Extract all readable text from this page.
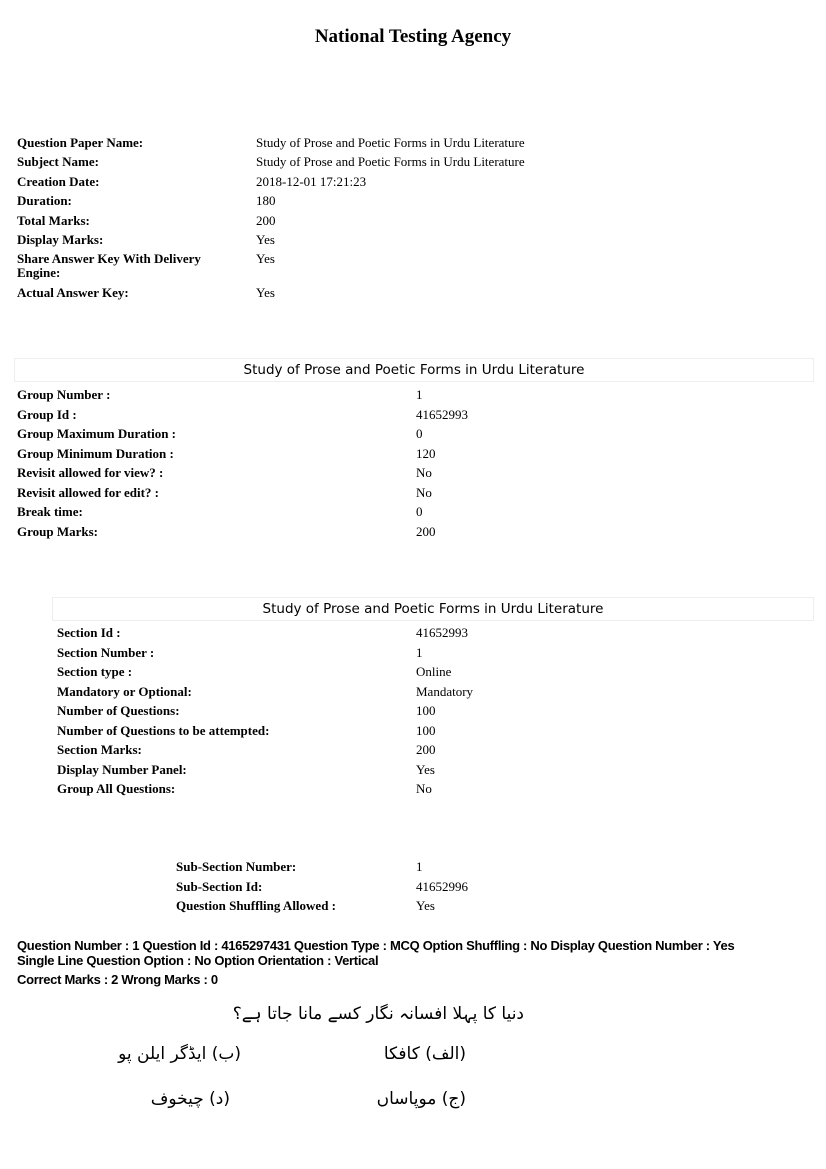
National Testing Agency
Question Paper Name:	Study of Prose and Poetic Forms in Urdu Literature
Subject Name:	Study of Prose and Poetic Forms in Urdu Literature
Creation Date:	2018-12-01 17:21:23
Duration:	180
Total Marks:	200
Display Marks:	Yes
Share Answer Key With Delivery Engine:
Yes
Actual Answer Key:	Yes
Study of Prose and Poetic Forms in Urdu Literature
Group Number :	1
Group Id :	41652993
Group Maximum Duration :	0
Group Minimum Duration :	120
Revisit allowed for view? :	No
Revisit allowed for edit? :	No
Break time:	0
Group Marks:	200
Study of Prose and Poetic Forms in Urdu Literature
Section Id :	41652993
Section Number :	1
Section type :	Online
Mandatory or Optional:	Mandatory
Number of Questions:	100
Number of Questions to be attempted:	100
Section Marks:	200
Display Number Panel:	Yes
Group All Questions:	No
Sub-Section Number:	1
Sub-Section Id:	41652996
Question Shuffling Allowed :	Yes
Question Number : 1 Question Id : 4165297431 Question Type : MCQ Option Shuffling : No Display Question Number : Yes
Single Line Question Option : No Option Orientation : Vertical
Correct Marks : 2 Wrong Marks : 0
دنیا کا پہلا افسانہ نگار کسے مانا جاتا ہے؟
(الف) کافکا
(ب) ایڈگر ایلن پو
(ج) موپاساں
(د) چیخوف
